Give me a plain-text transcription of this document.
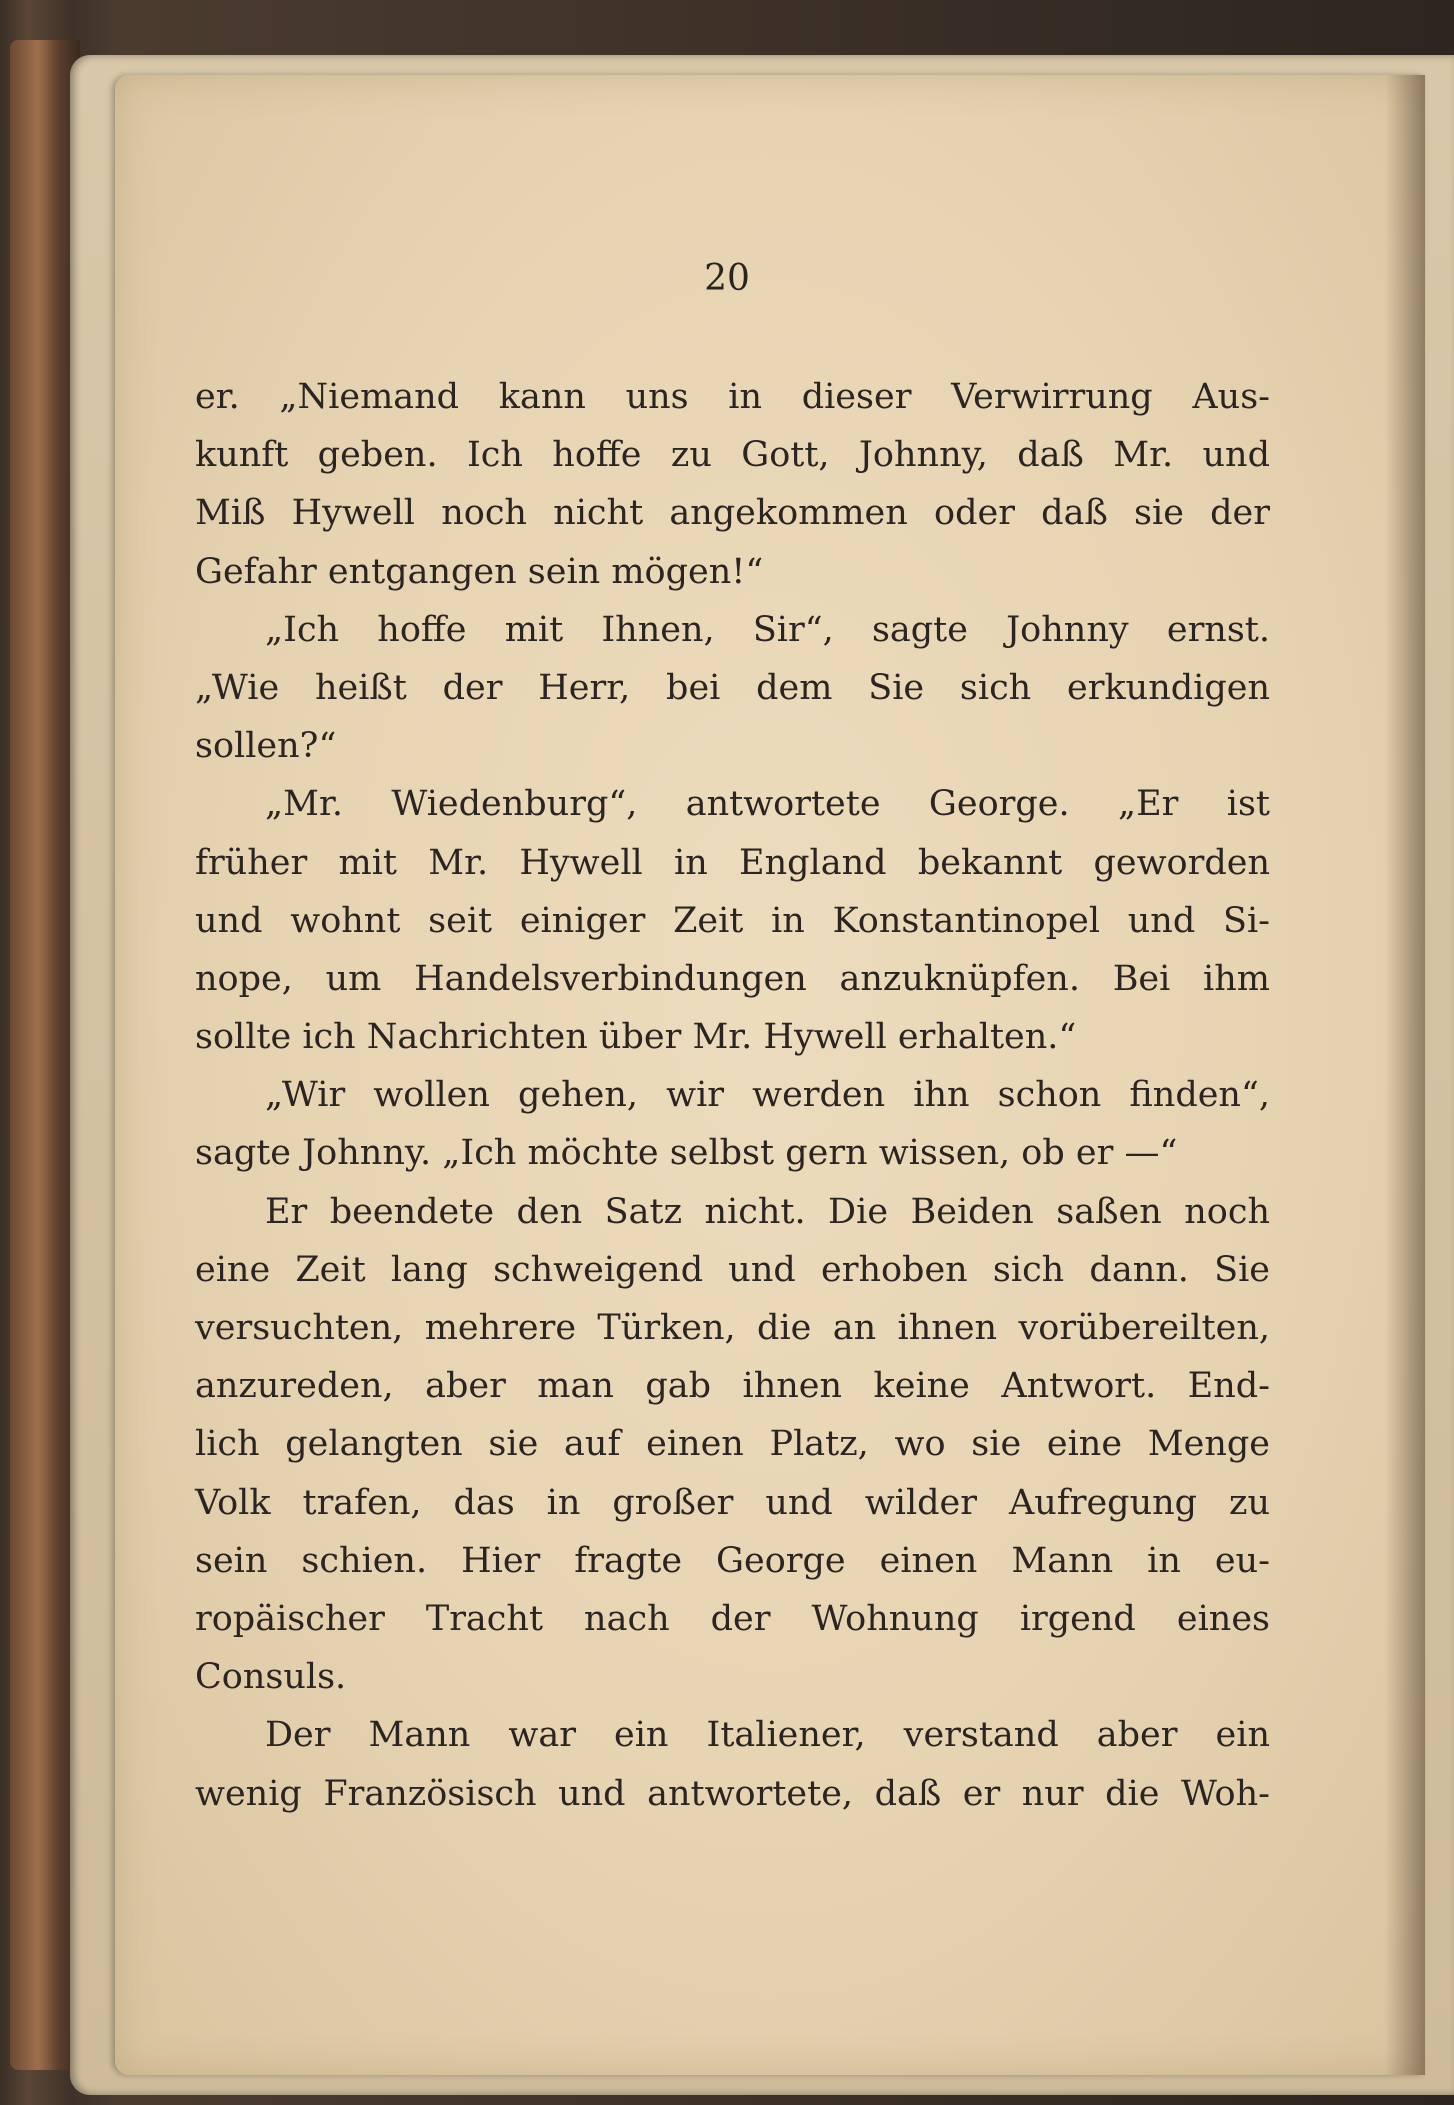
20

er. „Niemand kann uns in dieser Verwirrung Aus-
kunft geben. Ich hoffe zu Gott, Johnny, daß Mr. und
Miß Hywell noch nicht angekommen oder daß sie der
Gefahr entgangen sein mögen!“
„Ich hoffe mit Ihnen, Sir“, sagte Johnny ernst.
„Wie heißt der Herr, bei dem Sie sich erkundigen
sollen?“
„Mr. Wiedenburg“, antwortete George. „Er ist
früher mit Mr. Hywell in England bekannt geworden
und wohnt seit einiger Zeit in Konstantinopel und Si-
nope, um Handelsverbindungen anzuknüpfen. Bei ihm
sollte ich Nachrichten über Mr. Hywell erhalten.“
„Wir wollen gehen, wir werden ihn schon finden“,
sagte Johnny. „Ich möchte selbst gern wissen, ob er —“
Er beendete den Satz nicht. Die Beiden saßen noch
eine Zeit lang schweigend und erhoben sich dann. Sie
versuchten, mehrere Türken, die an ihnen vorübereilten,
anzureden, aber man gab ihnen keine Antwort. End-
lich gelangten sie auf einen Platz, wo sie eine Menge
Volk trafen, das in großer und wilder Aufregung zu
sein schien. Hier fragte George einen Mann in eu-
ropäischer Tracht nach der Wohnung irgend eines
Consuls.
Der Mann war ein Italiener, verstand aber ein
wenig Französisch und antwortete, daß er nur die Woh-
